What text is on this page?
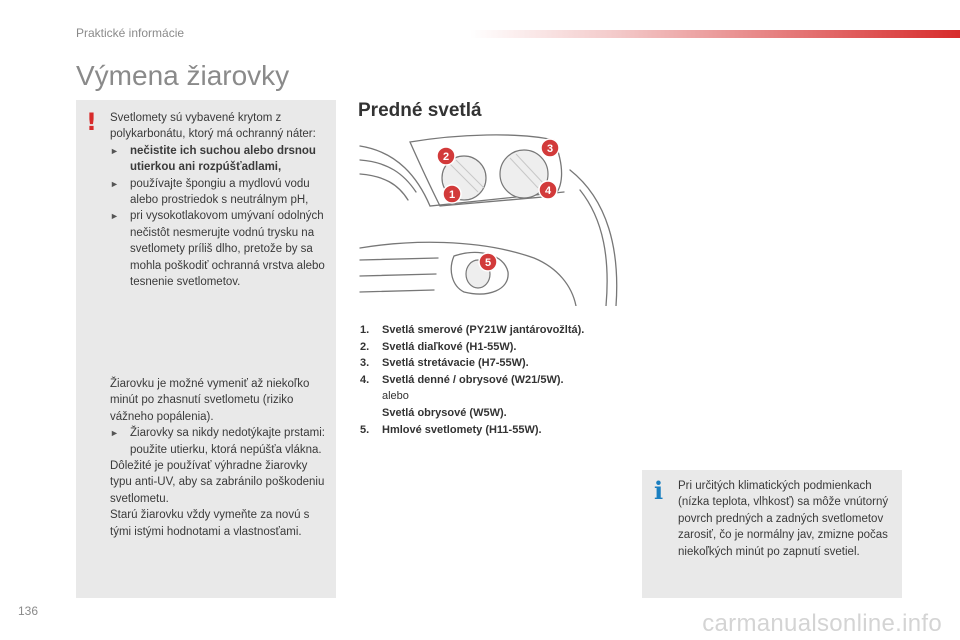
Praktické informácie
Výmena žiarovky
! Svetlomety sú vybavené krytom z polykarbonátu, ktorý má ochranný náter:

► nečistite ich suchou alebo drsnou utierkou ani rozpúšťadlami,

► používajte špongiu a mydlovú vodu alebo prostriedok s neutrálnym pH,

► pri vysokotlakovom umývaní odolných nečistôt nesmerujte vodnú trysku na svetlomety príliš dlho, pretože by sa mohla poškodiť ochranná vrstva alebo tesnenie svetlometov.

Žiarovku je možné vymeniť až niekoľko minút po zhasnutí svetlometu (riziko vážneho popálenia).

► Žiarovky sa nikdy nedotýkajte prstami: použite utierku, ktorá nepúšťa vlákna.

Dôležité je používať výhradne žiarovky typu anti-UV, aby sa zabránilo poškodeniu svetlometu.

Starú žiarovku vždy vymeňte za novú s tými istými hodnotami a vlastnosťami.

Predné svetlá
1
2
3
4
5
1.	Svetlá smerové (PY21W jantárovožltá).
2.	Svetlá diaľkové (H1-55W).
3.	Svetlá stretávacie (H7-55W).
4.	Svetlá denné / obrysové (W21/5W).
alebo
Svetlá obrysové (W5W).
5.	Hmlové svetlomety (H11-55W).
i Pri určitých klimatických podmienkach (nízka teplota, vlhkosť) sa môže vnútorný povrch predných a zadných svetlometov zarosiť, čo je normálny jav, zmizne počas niekoľkých minút po zapnutí svetiel.
136	carmanualsonline.info
